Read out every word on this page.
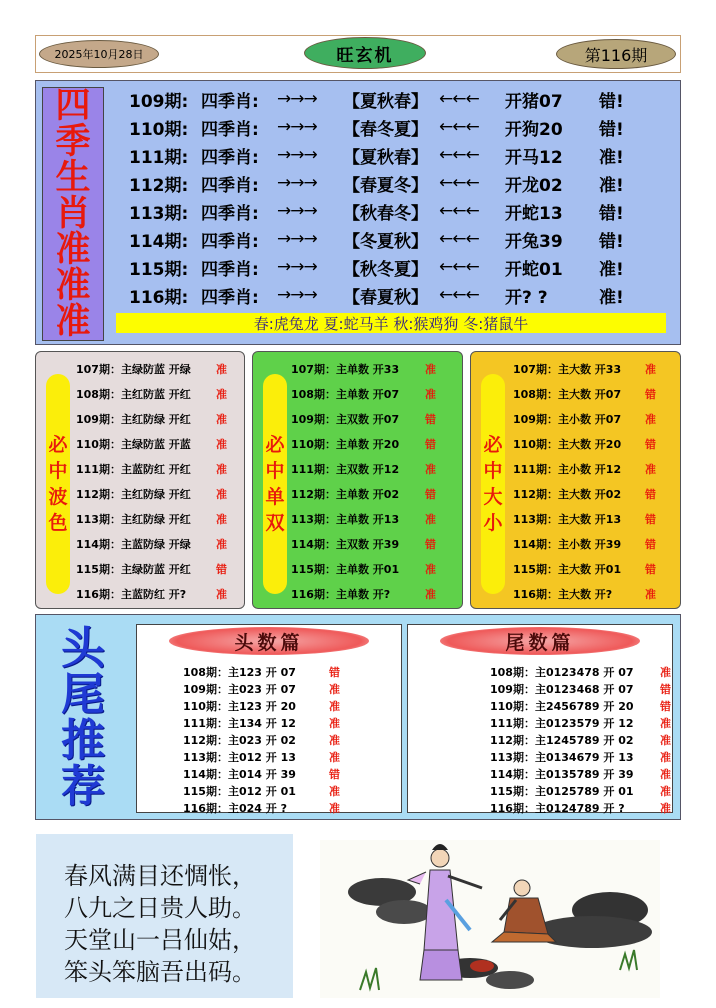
2025年10月28日	旺玄机	第116期
四
季
生
肖
准
准
准
109期: 四季肖:	→→→	【夏秋春】 ←←←	开猪07	错!
110期: 四季肖:	→→→	【春冬夏】 ←←←	开狗20	错!
111期: 四季肖:	→→→	【夏秋春】 ←←←	开马12	准!
112期: 四季肖:	→→→	【春夏冬】 ←←←	开龙02	准!
113期: 四季肖:	→→→	【秋春冬】 ←←←	开蛇13	错!
114期: 四季肖:	→→→	【冬夏秋】 ←←←	开兔39	错!
115期: 四季肖:	→→→	【秋冬夏】 ←←←	开蛇01	准!
116期: 四季肖:	→→→	【春夏秋】 ←←←	开? ?	准!
春:虎兔龙 夏:蛇马羊 秋:猴鸡狗 冬:猪鼠牛
必
中
波
色
107期：主绿防蓝 开绿 准
108期：主红防蓝 开红 准
109期：主红防绿 开红 准
110期：主绿防蓝 开蓝 准
111期：主蓝防红 开红 准
112期：主红防绿 开红 准
113期：主红防绿 开红 准
114期：主蓝防绿 开绿 准
115期：主绿防蓝 开红 错
116期：主蓝防红 开?	准
必
中
单
双
107期：主单数 开33 准
108期：主单数 开07 准
109期：主双数 开07 错
110期：主单数 开20 错
111期：主双数 开12 准
112期：主单数 开02 错
113期：主单数 开13 准
114期：主双数 开39 错
115期：主单数 开01 准
116期：主单数 开?	准
必
中
大
小
107期：主大数 开33 准
108期：主大数 开07 错
109期：主小数 开07 准
110期：主大数 开20 错
111期：主小数 开12 准
112期：主大数 开02 错
113期：主大数 开13 错
114期：主小数 开39 错
115期：主大数 开01 错
116期：主大数 开?	准
头
尾
推
荐
头数篇
108期：主123 开 07	错
109期：主023 开 07	准
110期：主123 开 20	准
111期：主134 开 12	准
112期：主023 开 02	准
113期：主012 开 13	准
114期：主014 开 39	错
115期：主012 开 01	准
116期：主024 开 ?	准
尾数篇
108期：主0123478 开 07 准
109期：主0123468 开 07 错
110期：主2456789 开 20 错
111期：主0123579 开 12 准
112期：主1245789 开 02 准
113期：主0134679 开 13 准
114期：主0135789 开 39 准
115期：主0125789 开 01 准
116期：主0124789 开 ?	准
春风满目还惆怅，
八九之日贵人助。
天堂山一吕仙姑，
笨头笨脑吾出码。
